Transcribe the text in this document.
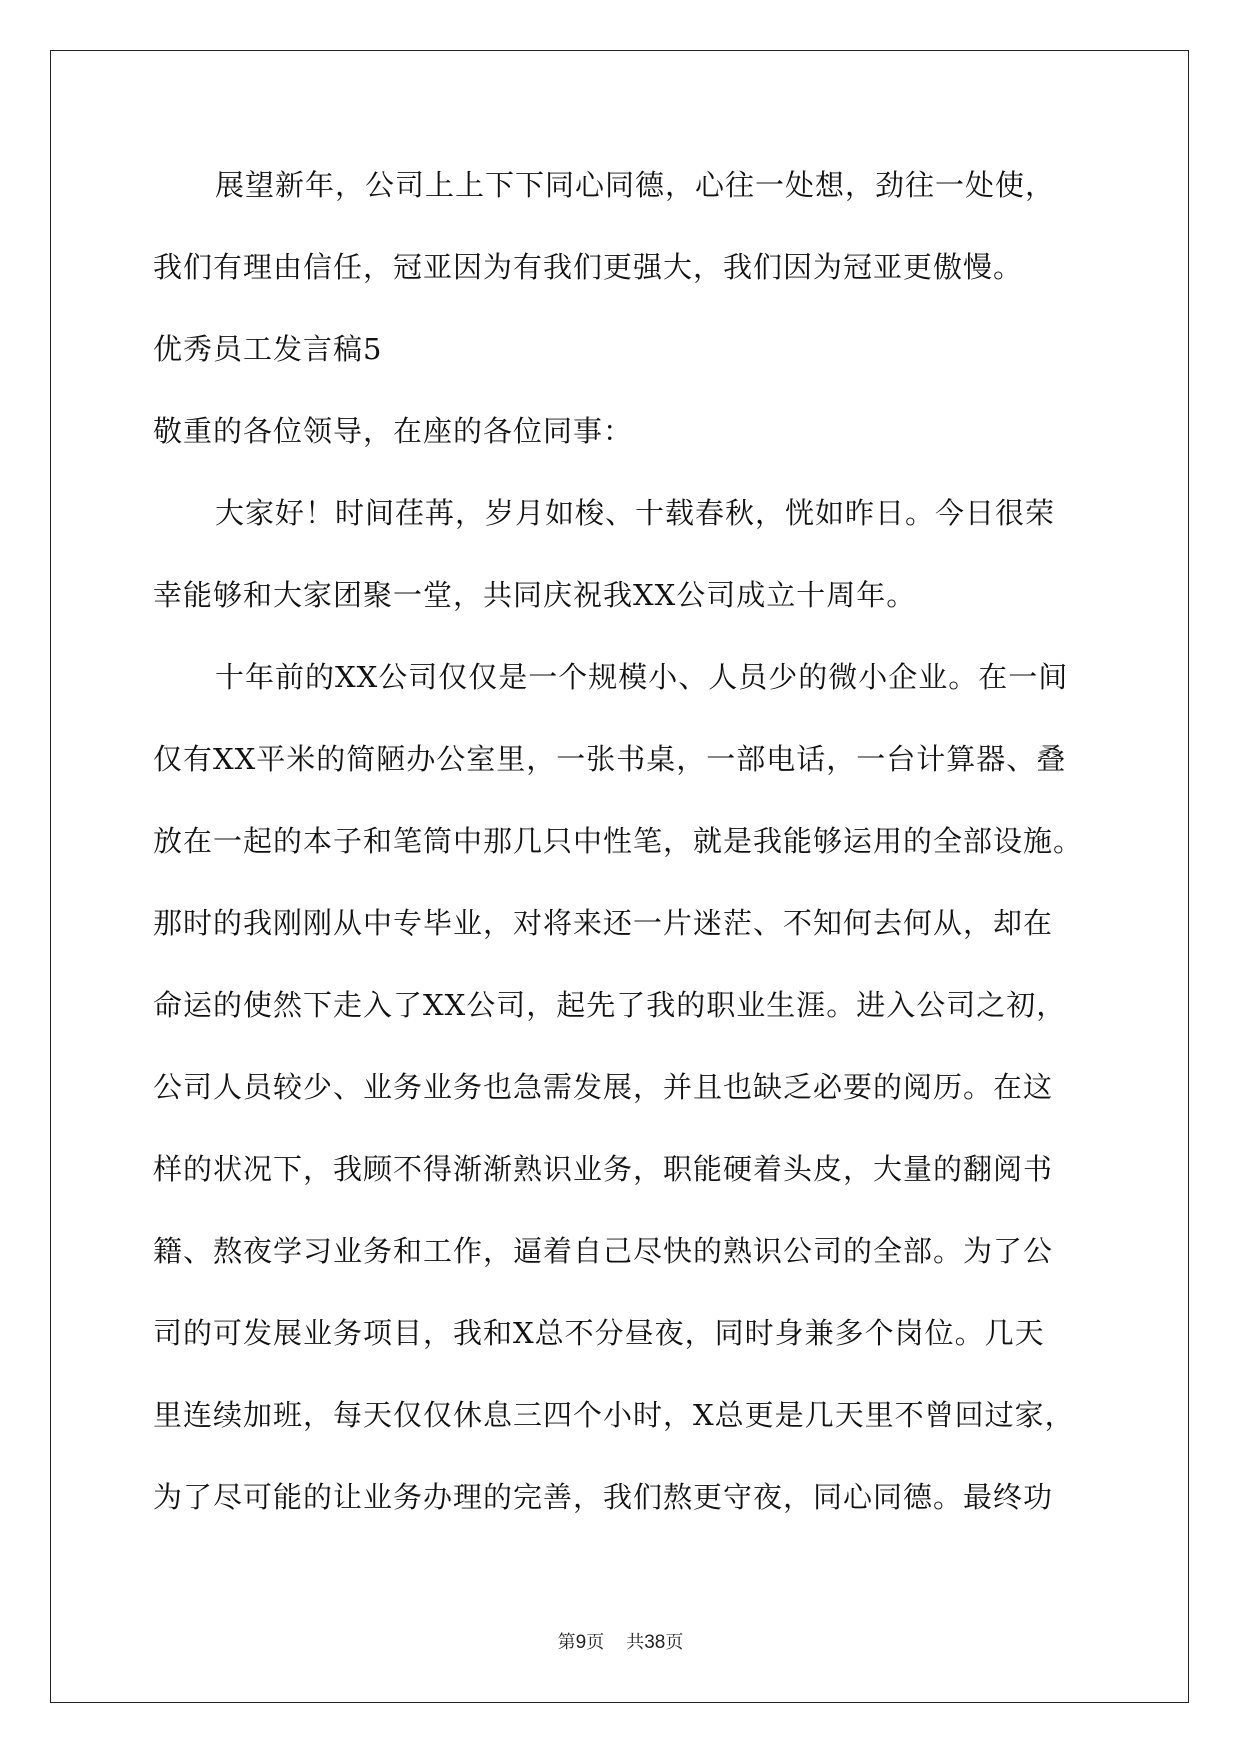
展望新年，公司上上下下同心同德，心往一处想，劲往一处使，
我们有理由信任，冠亚因为有我们更强大，我们因为冠亚更傲慢。
优秀员工发言稿5
敬重的各位领导，在座的各位同事：
大家好！时间荏苒，岁月如梭、十载春秋，恍如昨日。今日很荣
幸能够和大家团聚一堂，共同庆祝我XX公司成立十周年。
十年前的XX公司仅仅是一个规模小、人员少的微小企业。在一间
仅有XX平米的简陋办公室里，一张书桌，一部电话，一台计算器、叠
放在一起的本子和笔筒中那几只中性笔，就是我能够运用的全部设施。
那时的我刚刚从中专毕业，对将来还一片迷茫、不知何去何从，却在
命运的使然下走入了XX公司，起先了我的职业生涯。进入公司之初，
公司人员较少、业务业务也急需发展，并且也缺乏必要的阅历。在这
样的状况下，我顾不得渐渐熟识业务，职能硬着头皮，大量的翻阅书
籍、熬夜学习业务和工作，逼着自己尽快的熟识公司的全部。为了公
司的可发展业务项目，我和X总不分昼夜，同时身兼多个岗位。几天
里连续加班，每天仅仅休息三四个小时，X总更是几天里不曾回过家，
为了尽可能的让业务办理的完善，我们熬更守夜，同心同德。最终功
第9页 共38页
